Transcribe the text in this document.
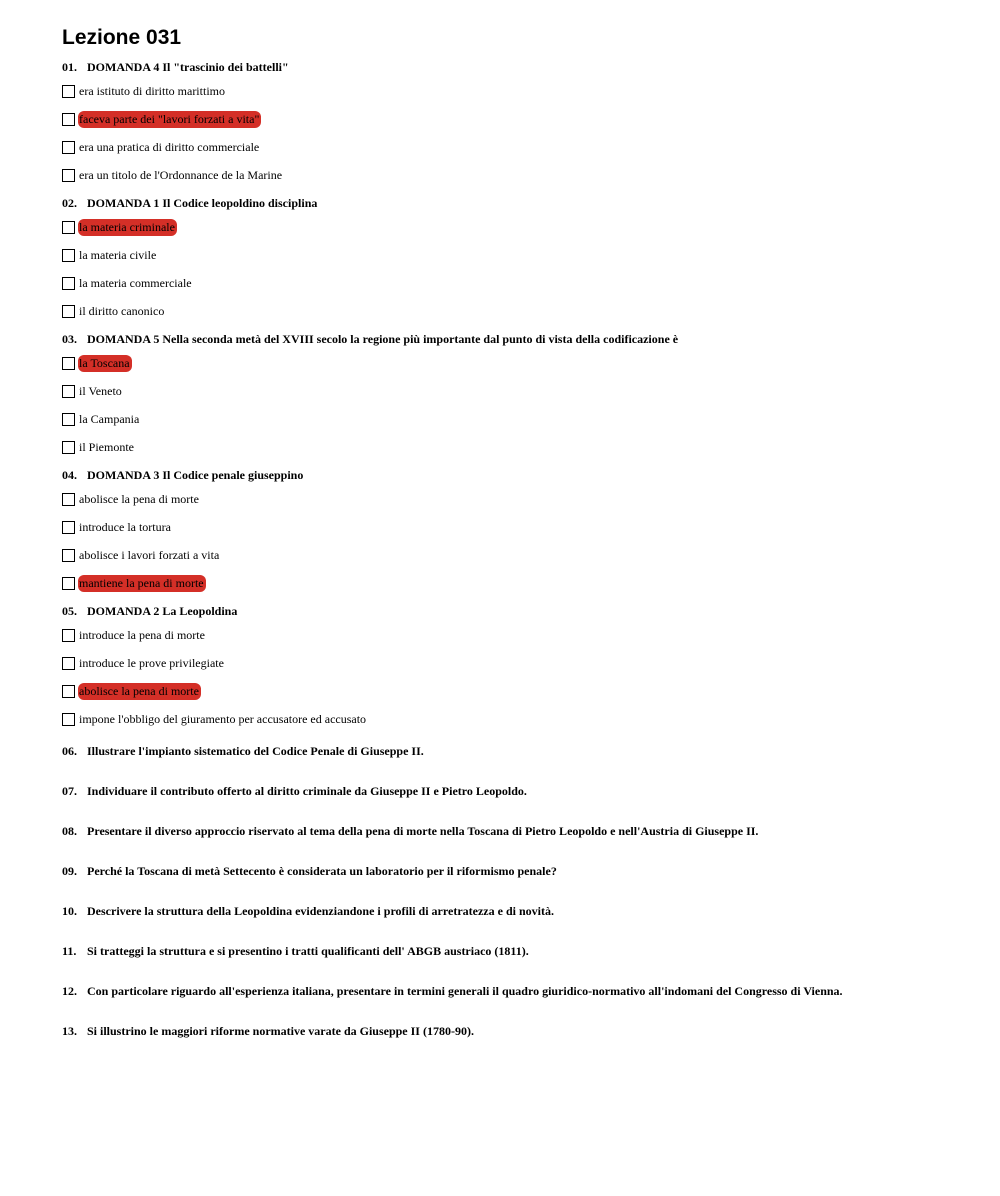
Lezione 031
01. DOMANDA 4 Il "trascinio dei battelli"
era istituto di diritto marittimo
faceva parte dei "lavori forzati a vita"
era una pratica di diritto commerciale
era un titolo de l'Ordonnance de la Marine
02. DOMANDA 1 Il Codice leopoldino disciplina
la materia criminale
la materia civile
la materia commerciale
il diritto canonico
03. DOMANDA 5 Nella seconda metà del XVIII secolo la regione più importante dal punto di vista della codificazione è
la Toscana
il Veneto
la Campania
il Piemonte
04. DOMANDA 3 Il Codice penale giuseppino
abolisce la pena di morte
introduce la tortura
abolisce i lavori forzati a vita
mantiene la pena di morte
05. DOMANDA 2 La Leopoldina
introduce la pena di morte
introduce le prove privilegiate
abolisce la pena di morte
impone l'obbligo del giuramento per accusatore ed accusato
06. Illustrare l'impianto sistematico del Codice Penale di Giuseppe II.
07. Individuare il contributo offerto al diritto criminale da Giuseppe II e Pietro Leopoldo.
08. Presentare il diverso approccio riservato al tema della pena di morte nella Toscana di Pietro Leopoldo e nell'Austria di Giuseppe II.
09. Perché la Toscana di metà Settecento è considerata un laboratorio per il riformismo penale?
10. Descrivere la struttura della Leopoldina evidenziandone i profili di arretratezza e di novità.
11. Si tratteggi la struttura e si presentino i tratti qualificanti dell' ABGB austriaco (1811).
12. Con particolare riguardo all'esperienza italiana, presentare in termini generali il quadro giuridico-normativo all'indomani del Congresso di Vienna.
13. Si illustrino le maggiori riforme normative varate da Giuseppe II (1780-90).
